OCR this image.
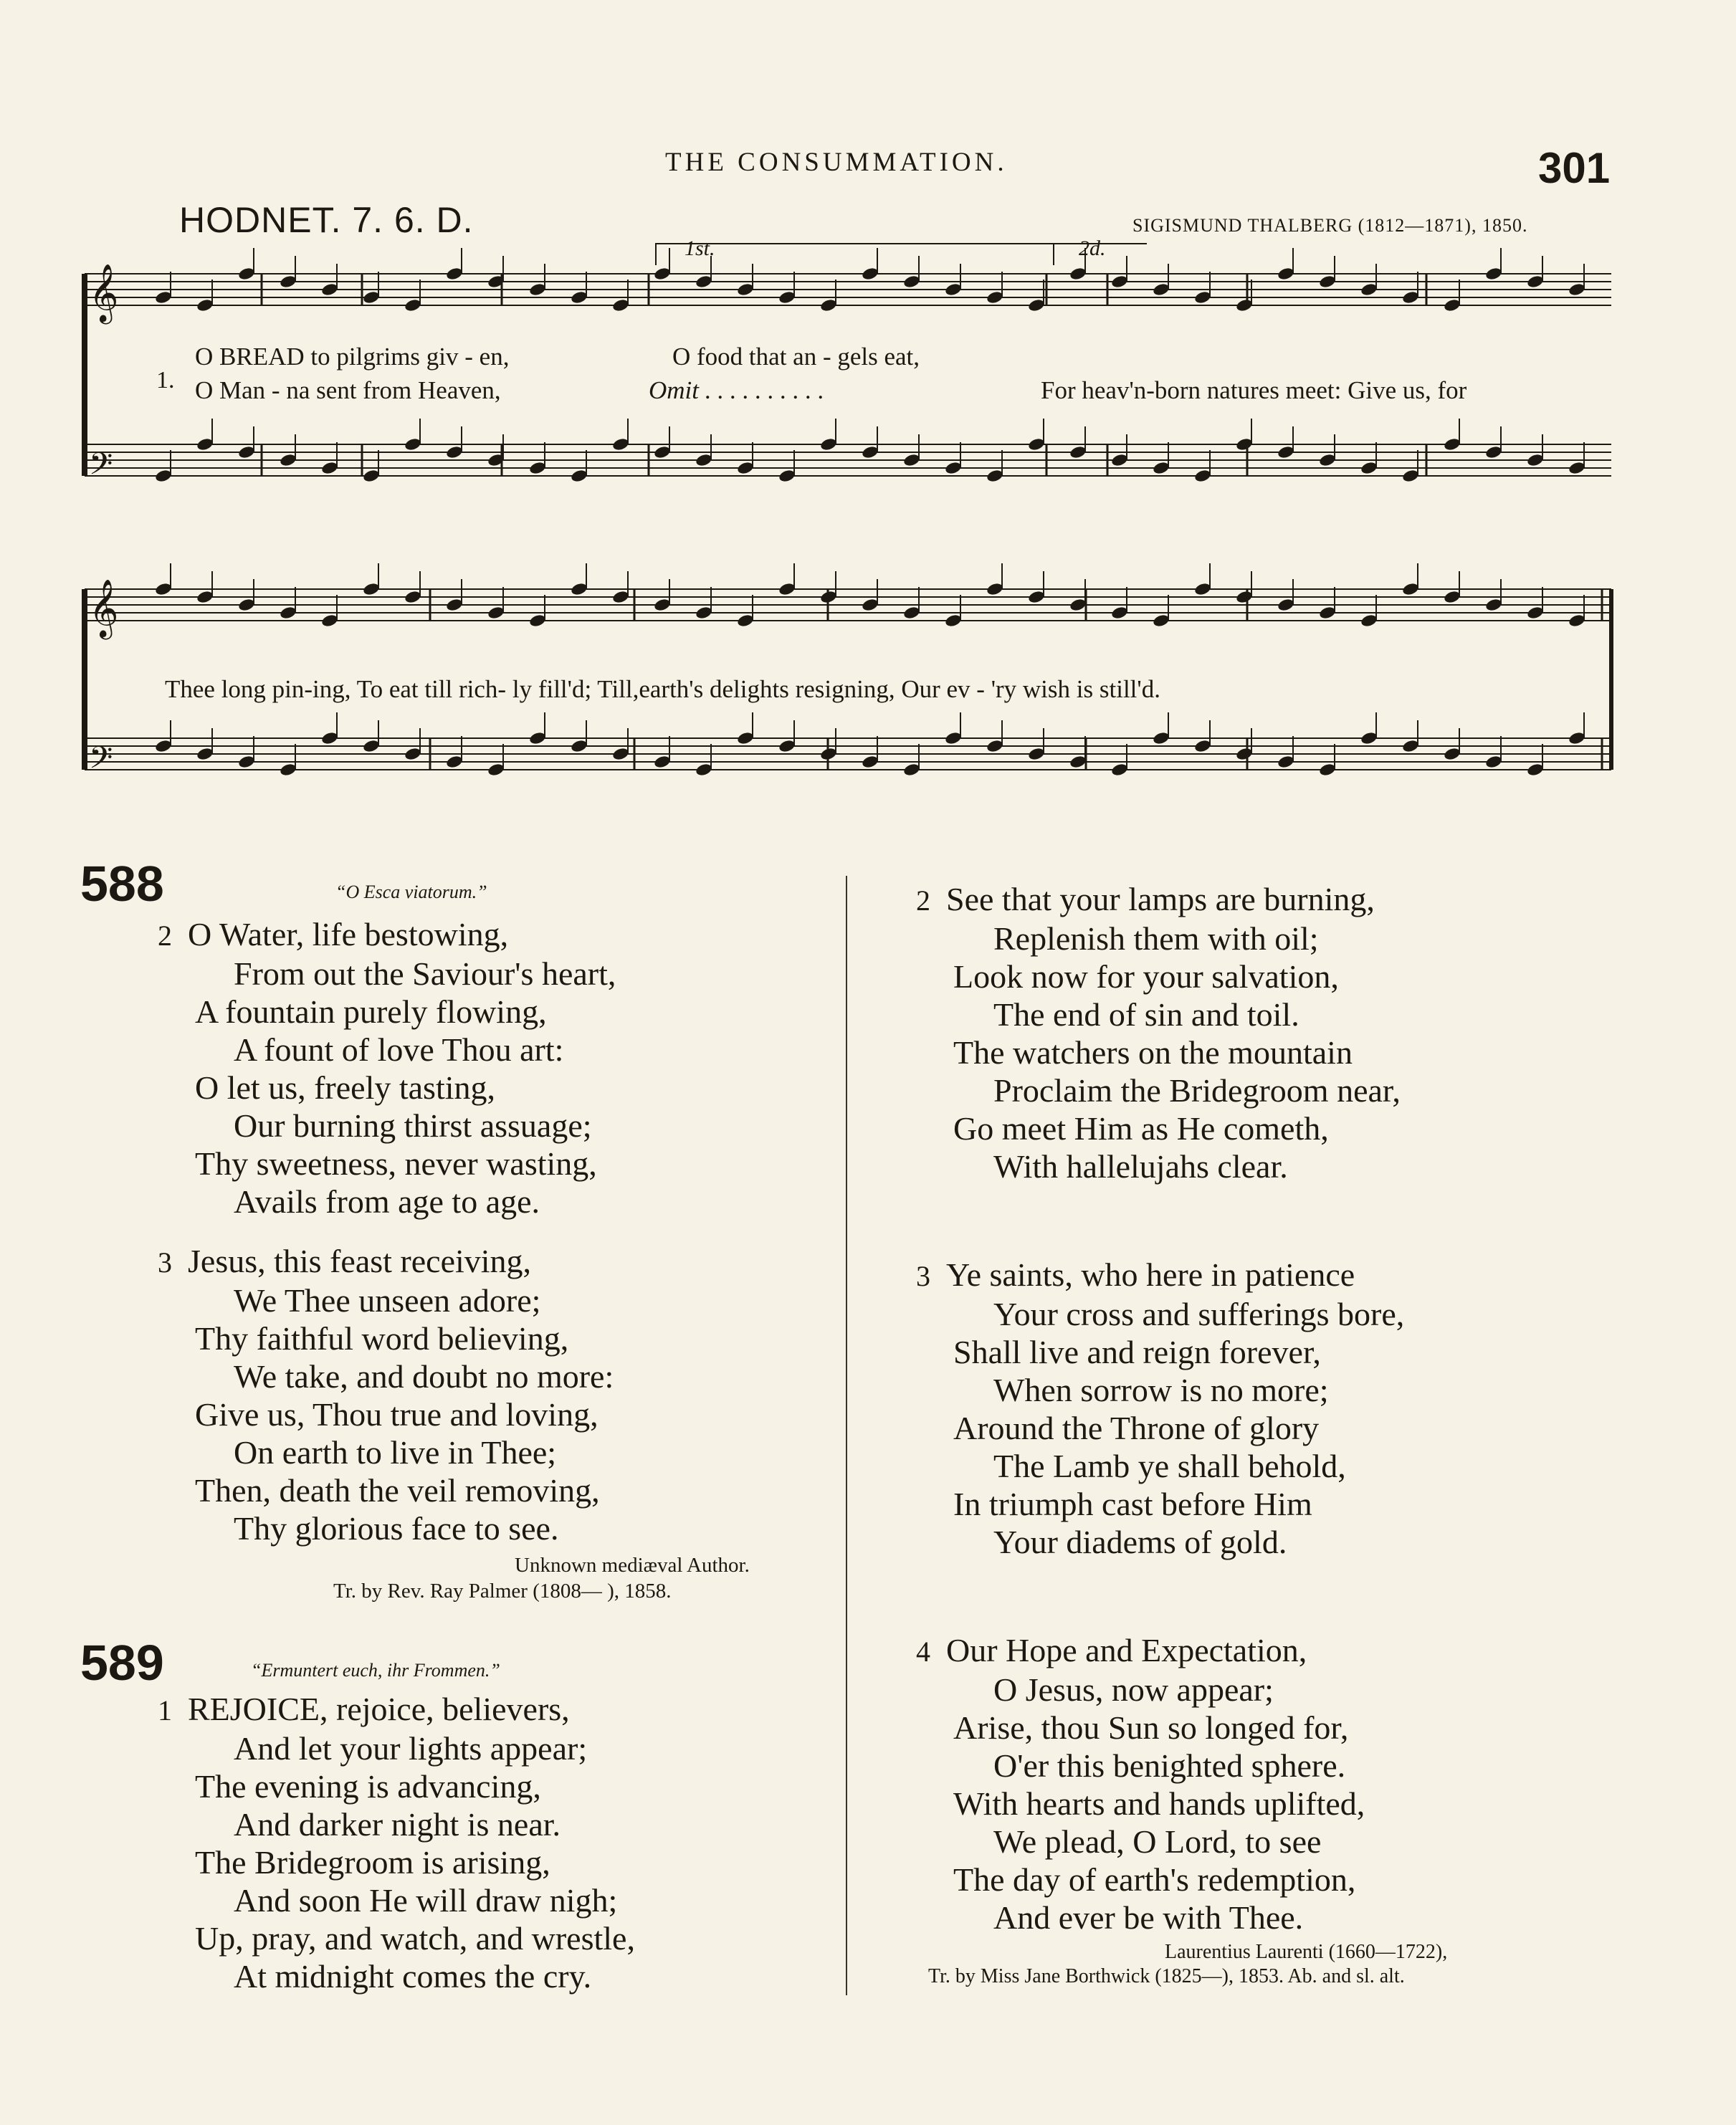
THE CONSUMMATION.	301
HODNET. 7. 6. D.	SIGISMUND THALBERG (1812—1871), 1850.
𝄞
𝄢
𝄞
𝄢
1st.	2d.
1.
O BREAD to pilgrims giv - en,	O food that an - gels eat,
O Man - na sent from Heaven,	Omit . . . . . . . . . .	For heav'n-born natures meet: Give us, for
Thee long pin-ing, To eat till rich- ly fill'd; Till,earth's delights resigning, Our ev - 'ry wish is still'd.
588	“O Esca viatorum.”
2 O Water, life bestowing,
From out the Saviour's heart,
A fountain purely flowing,
A fount of love Thou art:
O let us, freely tasting,
Our burning thirst assuage;
Thy sweetness, never wasting,
Avails from age to age.
3 Jesus, this feast receiving,
We Thee unseen adore;
Thy faithful word believing,
We take, and doubt no more:
Give us, Thou true and loving,
On earth to live in Thee;
Then, death the veil removing,
Thy glorious face to see.
Unknown mediæval Author.
Tr. by Rev. Ray Palmer (1808— ), 1858.
589	“Ermuntert euch, ihr Frommen.”
1 REJOICE, rejoice, believers,
And let your lights appear;
The evening is advancing,
And darker night is near.
The Bridegroom is arising,
And soon He will draw nigh;
Up, pray, and watch, and wrestle,
At midnight comes the cry.
2 See that your lamps are burning,
Replenish them with oil;
Look now for your salvation,
The end of sin and toil.
The watchers on the mountain
Proclaim the Bridegroom near,
Go meet Him as He cometh,
With hallelujahs clear.
3 Ye saints, who here in patience
Your cross and sufferings bore,
Shall live and reign forever,
When sorrow is no more;
Around the Throne of glory
The Lamb ye shall behold,
In triumph cast before Him
Your diadems of gold.
4 Our Hope and Expectation,
O Jesus, now appear;
Arise, thou Sun so longed for,
O'er this benighted sphere.
With hearts and hands uplifted,
We plead, O Lord, to see
The day of earth's redemption,
And ever be with Thee.
Laurentius Laurenti (1660—1722),
Tr. by Miss Jane Borthwick (1825—), 1853. Ab. and sl. alt.
